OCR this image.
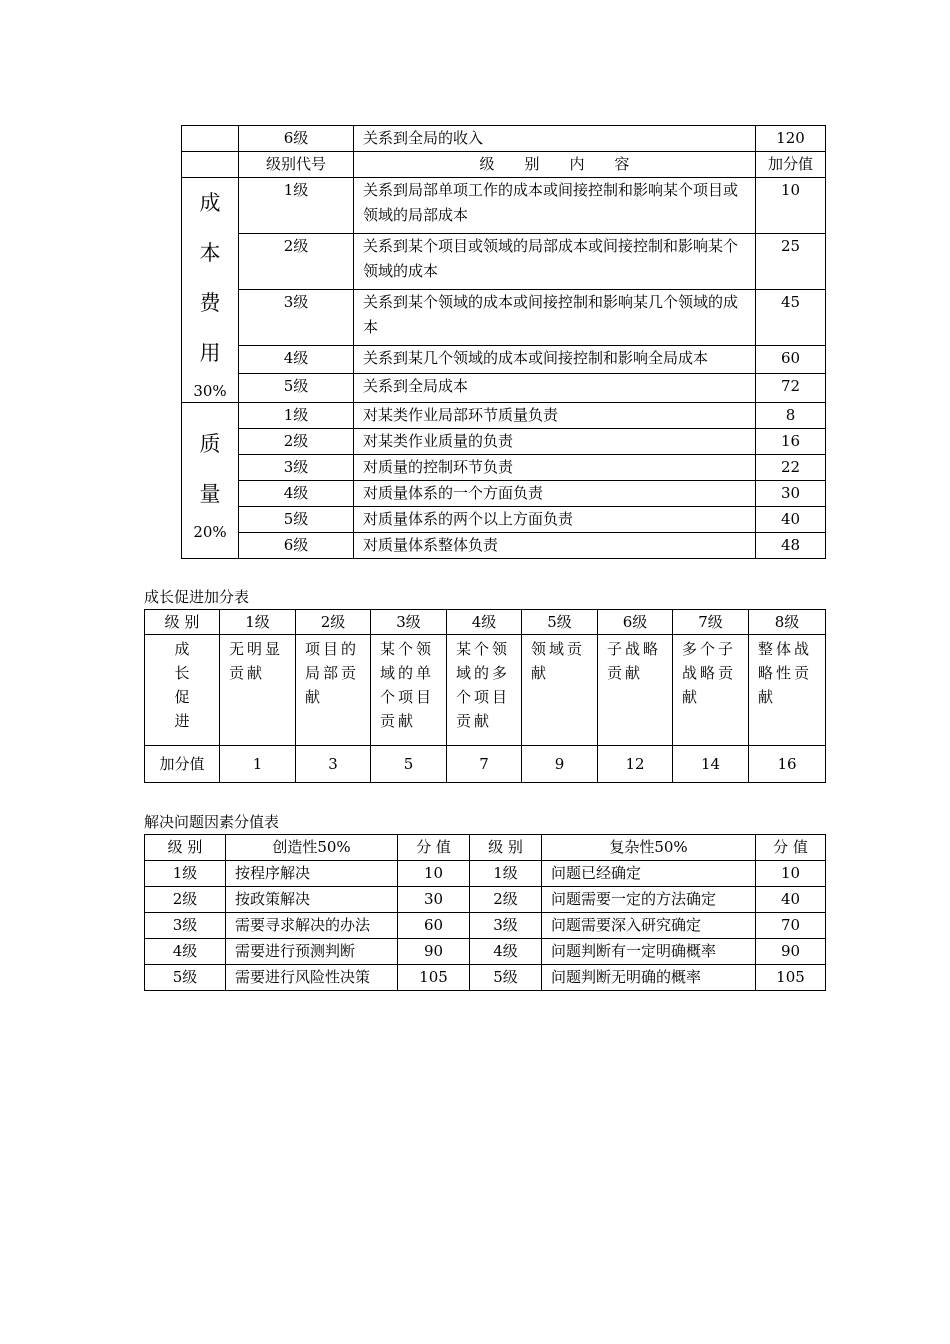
	6级	关系到全局的收入	120
	级别代号	级　　别　　内　　容	加分值

成
本
费
用
30%	1级	关系到局部单项工作的成本或间接控制和影响某个项目或领域的局部成本	10
	2级	关系到某个项目或领域的局部成本或间接控制和影响某个领域的成本	25
	3级	关系到某个领域的成本或间接控制和影响某几个领域的成本	45
	4级	关系到某几个领域的成本或间接控制和影响全局成本	60
	5级	关系到全局成本	72

质
量
20%	1级	对某类作业局部环节质量负责	8
	2级	对某类作业质量的负责	16
	3级	对质量的控制环节负责	22
	4级	对质量体系的一个方面负责	30
	5级	对质量体系的两个以上方面负责	40
	6级	对质量体系整体负责	48
成长促进加分表
级 别	1级	2级	3级	4级	5级	6级	7级	8级

成
长
促
进	无明显贡献	项目的局部贡献	某个领域的单个项目贡献	某个领域的多个项目贡献	领域贡献	子战略贡献	多个子战略贡献	整体战略性贡献
加分值	1	3	5	7	9	12	14	16
解决问题因素分值表
级 别	创造性50%	分 值	级 别	复杂性50%	分 值
1级	按程序解决	10	1级	问题已经确定	10
2级	按政策解决	30	2级	问题需要一定的方法确定	40
3级	需要寻求解决的办法	60	3级	问题需要深入研究确定	70
4级	需要进行预测判断	90	4级	问题判断有一定明确概率	90
5级	需要进行风险性决策	105	5级	问题判断无明确的概率	105
